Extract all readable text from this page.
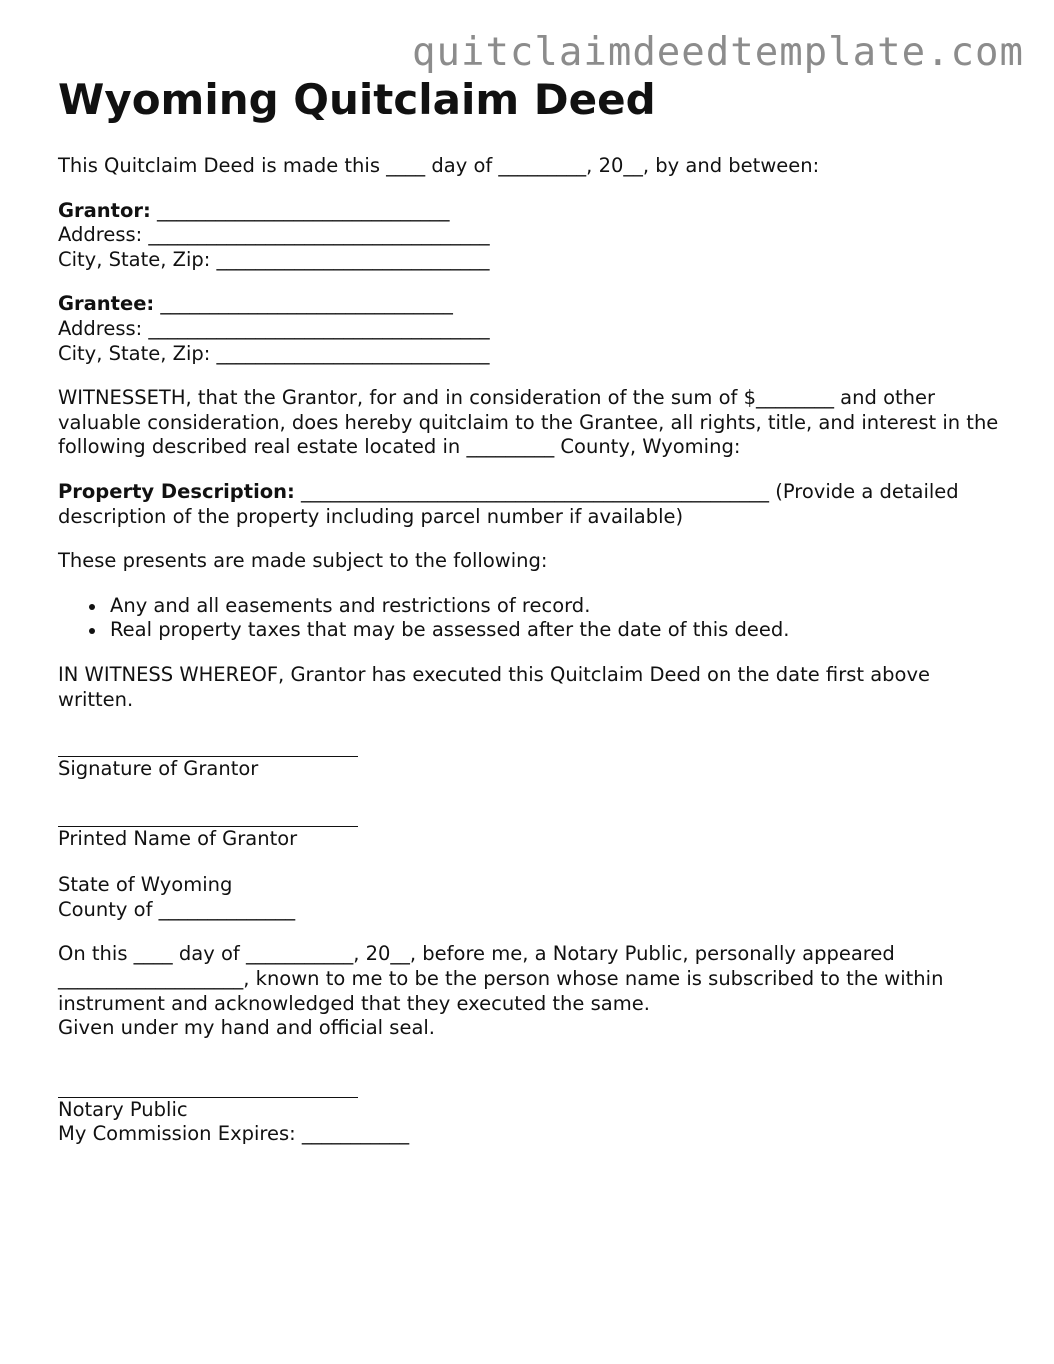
quitclaimdeedtemplate.com
Wyoming Quitclaim Deed

This Quitclaim Deed is made this ____ day of _________, 20__, by and between:

Grantor: ______________________________
Address: ___________________________________
City, State, Zip: ____________________________
Grantee: ______________________________
Address: ___________________________________
City, State, Zip: ____________________________

WITNESSETH, that the Grantor, for and in consideration of the sum of $________ and other valuable consideration, does hereby quitclaim to the Grantee, all rights, title, and interest in the following described real estate located in _________ County, Wyoming:

Property Description: ________________________________________________ (Provide a detailed description of the property including parcel number if available)

These presents are made subject to the following:

Any and all easements and restrictions of record.
Real property taxes that may be assessed after the date of this deed.

IN WITNESS WHEREOF, Grantor has executed this Quitclaim Deed on the date first above written.

Signature of Grantor
Printed Name of Grantor
State of Wyoming
County of ______________

On this ____ day of ___________, 20__, before me, a Notary Public, personally appeared ___________________, known to me to be the person whose name is subscribed to the within instrument and acknowledged that they executed the same.

Given under my hand and official seal.

Notary Public
My Commission Expires: ___________
